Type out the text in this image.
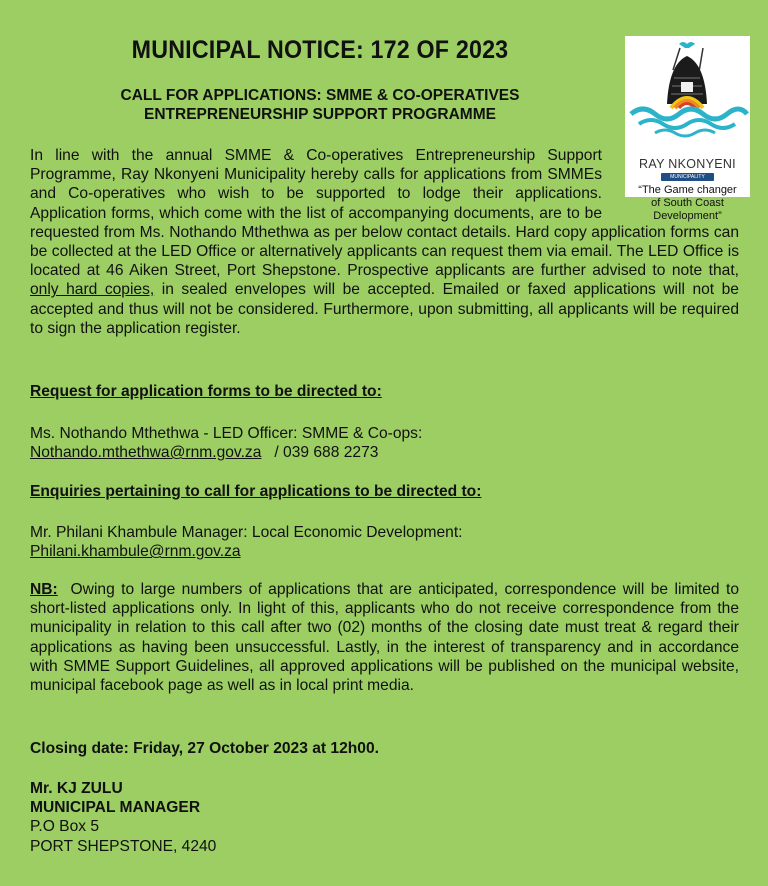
MUNICIPAL NOTICE: 172 OF 2023
CALL FOR APPLICATIONS: SMME & CO-OPERATIVES
ENTREPRENEURSHIP SUPPORT PROGRAMME
RAY NKONYENI
MUNICIPALITY
“The Game changer
of South Coast
Development”
In line with the annual SMME & Co-operatives Entrepreneurship Support Programme, Ray Nkonyeni Municipality hereby calls for applications from SMMEs and Co-operatives who wish to be supported to lodge their applications. Application forms, which come with the list of accompanying documents, are to be requested from Ms. Nothando Mthethwa as per below contact details. Hard copy application forms can be collected at the LED Office or alternatively applicants can request them via email. The LED Office is located at 46 Aiken Street, Port Shepstone. Prospective applicants are further advised to note that, only hard copies, in sealed envelopes will be accepted. Emailed or faxed applications will not be accepted and thus will not be considered. Furthermore, upon submitting, all applicants will be required to sign the application register.
Request for application forms to be directed to:
Ms. Nothando Mthethwa - LED Officer: SMME & Co-ops:
Nothando.mthethwa@rnm.gov.za / 039 688 2273
Enquiries pertaining to call for applications to be directed to:
Mr. Philani Khambule Manager: Local Economic Development:
Philani.khambule@rnm.gov.za
NB: Owing to large numbers of applications that are anticipated, correspondence will be limited to short-listed applications only. In light of this, applicants who do not receive correspondence from the municipality in relation to this call after two (02) months of the closing date must treat & regard their applications as having been unsuccessful. Lastly, in the interest of transparency and in accordance with SMME Support Guidelines, all approved applications will be published on the municipal website, municipal facebook page as well as in local print media.
Closing date: Friday, 27 October 2023 at 12h00.
Mr. KJ ZULU
MUNICIPAL MANAGER
P.O Box 5
PORT SHEPSTONE, 4240
